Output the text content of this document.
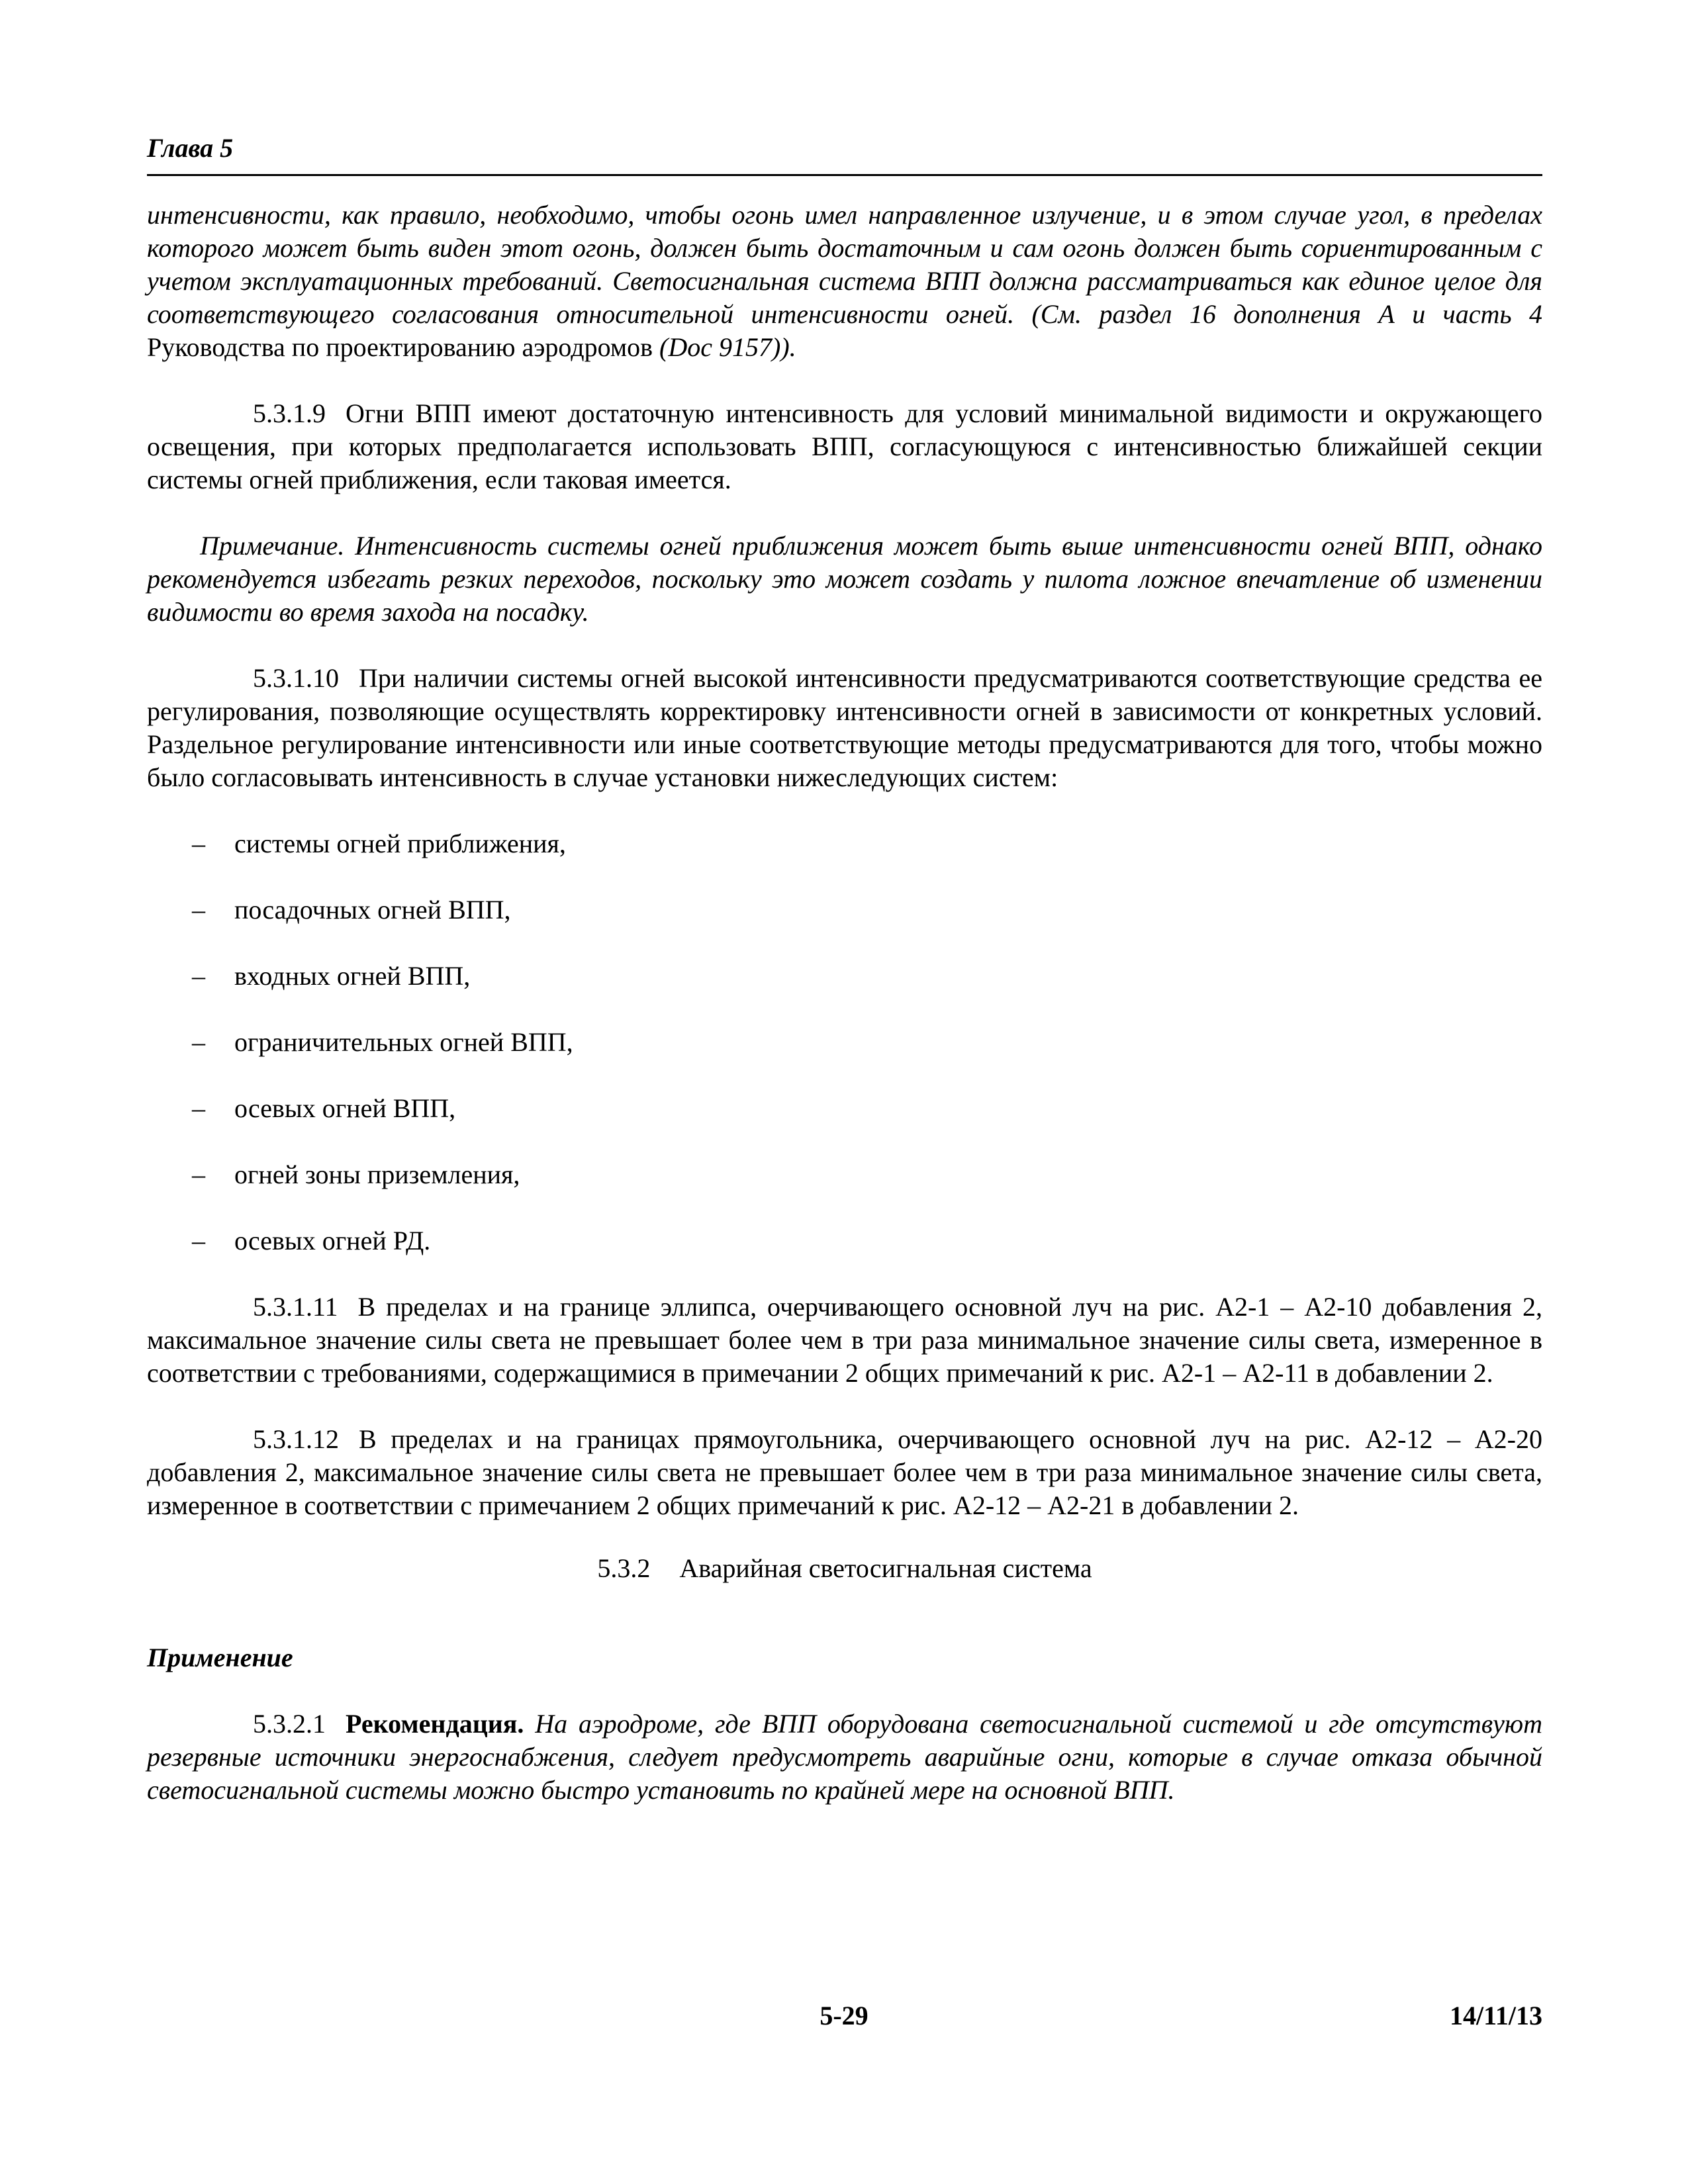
Глава 5

интенсивности, как правило, необходимо, чтобы огонь имел направленное излучение, и в этом случае угол, в пределах которого может быть виден этот огонь, должен быть достаточным и сам огонь должен быть сориентированным с учетом эксплуатационных требований. Светосигнальная система ВПП должна рассматриваться как единое целое для соответствующего согласования относительной интенсивности огней. (См. раздел 16 дополнения А и часть 4 Руководства по проектированию аэродромов (Doc 9157)).

5.3.1.9 Огни ВПП имеют достаточную интенсивность для условий минимальной видимости и окружающего освещения, при которых предполагается использовать ВПП, согласующуюся с интенсивностью ближайшей секции системы огней приближения, если таковая имеется.

Примечание. Интенсивность системы огней приближения может быть выше интенсивности огней ВПП, однако рекомендуется избегать резких переходов, поскольку это может создать у пилота ложное впечатление об изменении видимости во время захода на посадку.

5.3.1.10 При наличии системы огней высокой интенсивности предусматриваются соответствующие средства ее регулирования, позволяющие осуществлять корректировку интенсивности огней в зависимости от конкретных условий. Раздельное регулирование интенсивности или иные соответствующие методы предусматриваются для того, чтобы можно было согласовывать интенсивность в случае установки нижеследующих систем:

– системы огней приближения,
– посадочных огней ВПП,
– входных огней ВПП,
– ограничительных огней ВПП,
– осевых огней ВПП,
– огней зоны приземления,
– осевых огней РД.

5.3.1.11 В пределах и на границе эллипса, очерчивающего основной луч на рис. А2-1 – А2-10 добавления 2, максимальное значение силы света не превышает более чем в три раза минимальное значение силы света, измеренное в соответствии с требованиями, содержащимися в примечании 2 общих примечаний к рис. А2-1 – А2-11 в добавлении 2.

5.3.1.12 В пределах и на границах прямоугольника, очерчивающего основной луч на рис. А2-12 – А2-20 добавления 2, максимальное значение силы света не превышает более чем в три раза минимальное значение силы света, измеренное в соответствии с примечанием 2 общих примечаний к рис. А2-12 – А2-21 в добавлении 2.

5.3.2 Аварийная светосигнальная система

Применение

5.3.2.1 Рекомендация. На аэродроме, где ВПП оборудована светосигнальной системой и где отсутствуют резервные источники энергоснабжения, следует предусмотреть аварийные огни, которые в случае отказа обычной светосигнальной системы можно быстро установить по крайней мере на основной ВПП.

5-29	14/11/13
